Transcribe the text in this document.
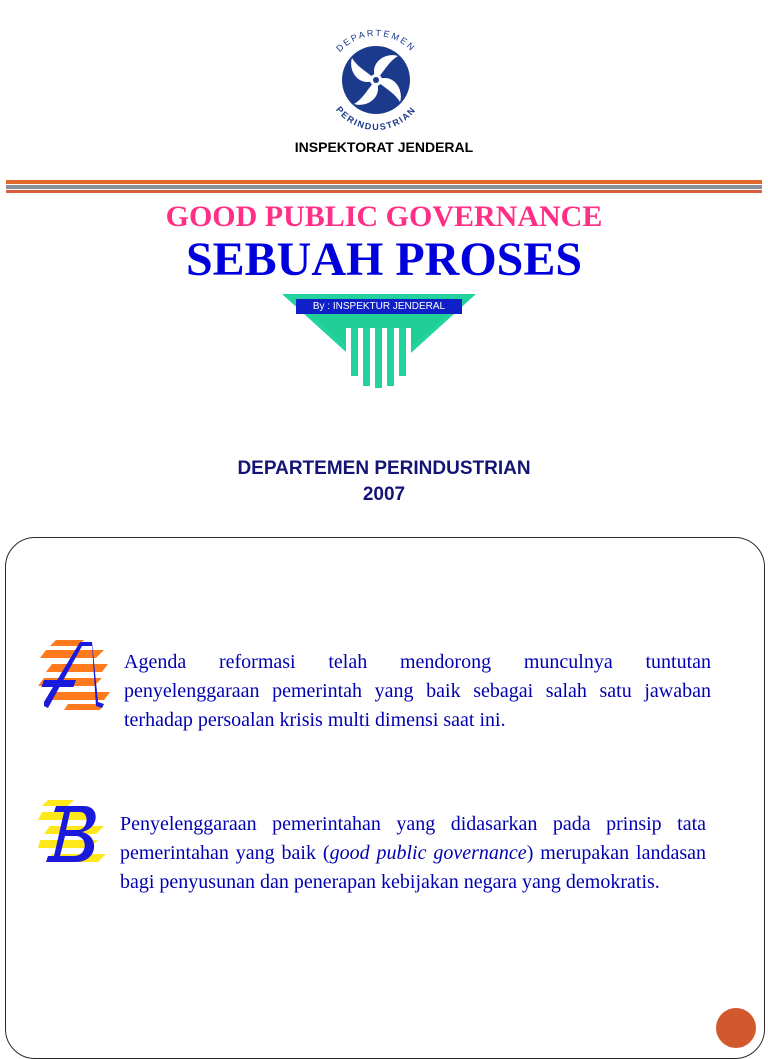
DEPARTEMEN
PERINDUSTRIAN
INSPEKTORAT JENDERAL
GOOD PUBLIC GOVERNANCE
SEBUAH PROSES
By : INSPEKTUR JENDERAL
DEPARTEMEN PERINDUSTRIAN
2007
Agenda reformasi telah mendorong munculnya tuntutan penyelenggaraan pemerintah yang baik sebagai salah satu jawaban terhadap persoalan krisis multi dimensi saat ini.
Penyelenggaraan pemerintahan yang didasarkan pada prinsip tata pemerintahan yang baik (good public governance) merupakan landasan bagi penyusunan dan penerapan kebijakan negara yang demokratis.
